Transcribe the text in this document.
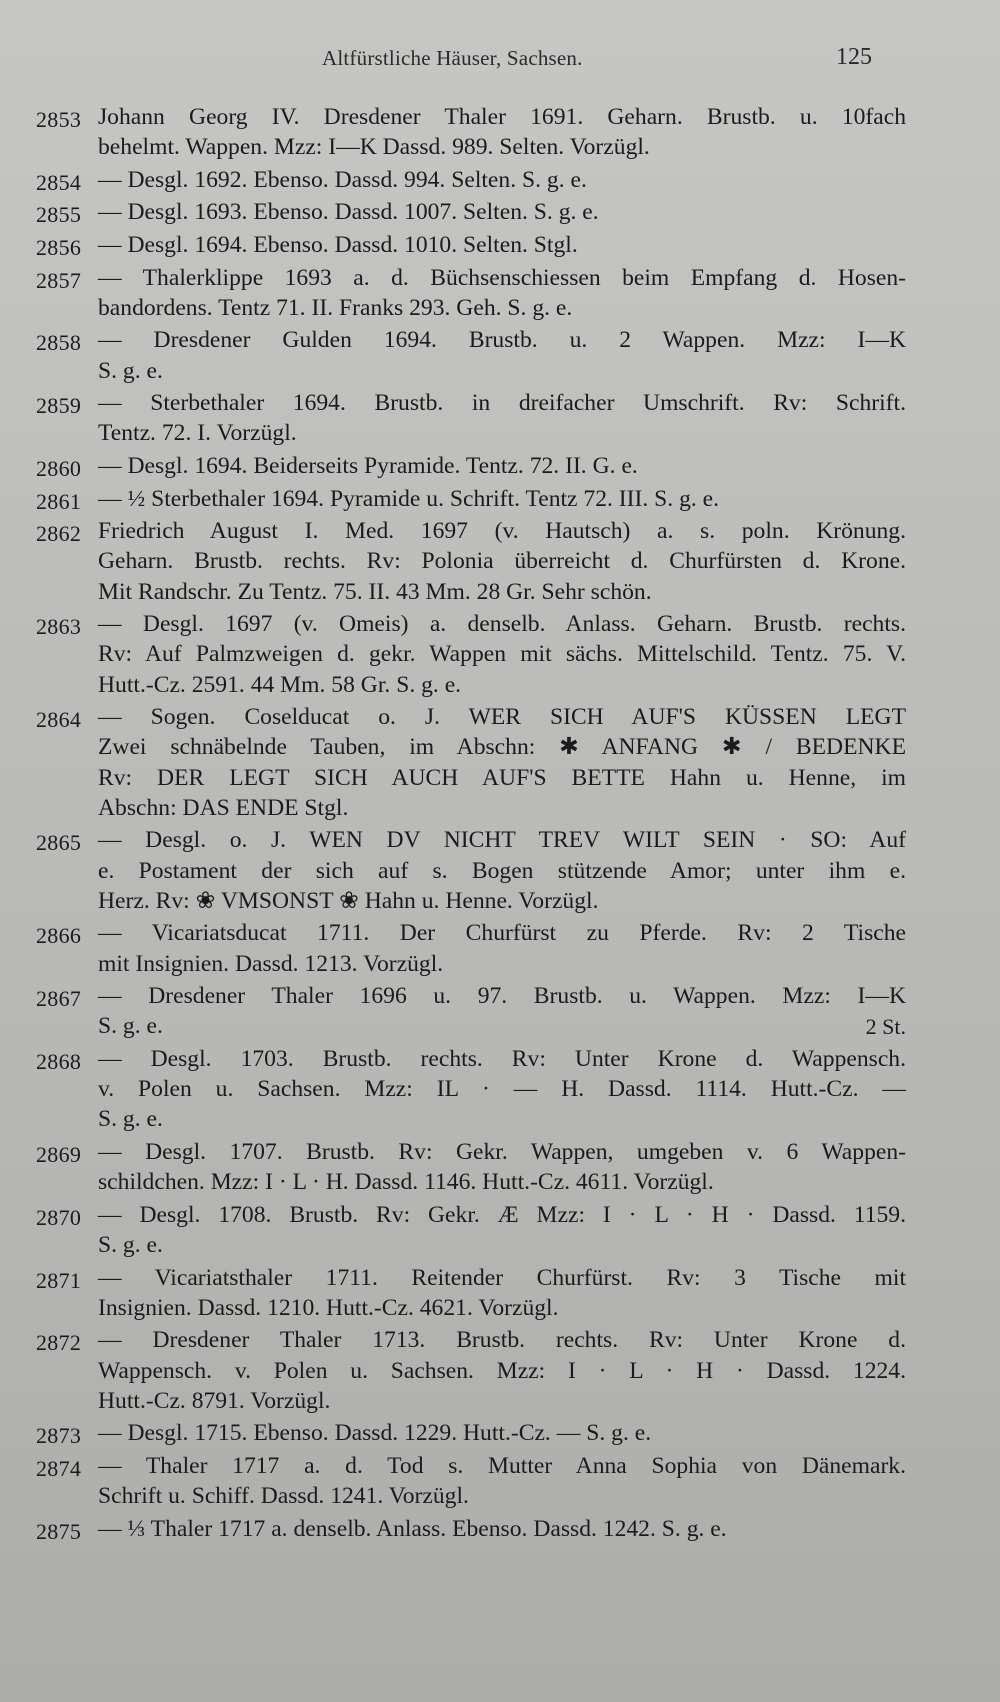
Altfürstliche Häuser, Sachsen.	125
2853 Johann Georg IV. Dresdener Thaler 1691. Geharn. Brustb. u. 10fach
behelmt. Wappen. Mzz: I—K Dassd. 989. Selten. Vorzügl.
2854 — Desgl. 1692. Ebenso. Dassd. 994. Selten. S. g. e.
2855 — Desgl. 1693. Ebenso. Dassd. 1007. Selten. S. g. e.
2856 — Desgl. 1694. Ebenso. Dassd. 1010. Selten. Stgl.
2857 — Thalerklippe 1693 a. d. Büchsenschiessen beim Empfang d. Hosen-
bandordens. Tentz 71. II. Franks 293. Geh. S. g. e.
2858 — Dresdener Gulden 1694. Brustb. u. 2 Wappen. Mzz: I—K
S. g. e.
2859 — Sterbethaler 1694. Brustb. in dreifacher Umschrift. Rv: Schrift.
Tentz. 72. I. Vorzügl.
2860 — Desgl. 1694. Beiderseits Pyramide. Tentz. 72. II. G. e.
2861 — ½ Sterbethaler 1694. Pyramide u. Schrift. Tentz 72. III. S. g. e.
2862 Friedrich August I. Med. 1697 (v. Hautsch) a. s. poln. Krönung.
Geharn. Brustb. rechts. Rv: Polonia überreicht d. Churfürsten d. Krone.
Mit Randschr. Zu Tentz. 75. II. 43 Mm. 28 Gr. Sehr schön.
2863 — Desgl. 1697 (v. Omeis) a. denselb. Anlass. Geharn. Brustb. rechts.
Rv: Auf Palmzweigen d. gekr. Wappen mit sächs. Mittelschild. Tentz. 75. V.
Hutt.-Cz. 2591. 44 Mm. 58 Gr. S. g. e.
2864 — Sogen. Coselducat o. J. WER SICH AUF'S KÜSSEN LEGT
Zwei schnäbelnde Tauben, im Abschn: ✱ ANFANG ✱ / BEDENKE
Rv: DER LEGT SICH AUCH AUF'S BETTE Hahn u. Henne, im
Abschn: DAS ENDE Stgl.
2865 — Desgl. o. J. WEN DV NICHT TREV WILT SEIN · SO: Auf
e. Postament der sich auf s. Bogen stützende Amor; unter ihm e.
Herz. Rv: ❀ VMSONST ❀ Hahn u. Henne. Vorzügl.
2866 — Vicariatsducat 1711. Der Churfürst zu Pferde. Rv: 2 Tische
mit Insignien. Dassd. 1213. Vorzügl.
2867 — Dresdener Thaler 1696 u. 97. Brustb. u. Wappen. Mzz: I—K
S. g. e.	2 St.
2868 — Desgl. 1703. Brustb. rechts. Rv: Unter Krone d. Wappensch.
v. Polen u. Sachsen. Mzz: IL · — H. Dassd. 1114. Hutt.-Cz. —
S. g. e.
2869 — Desgl. 1707. Brustb. Rv: Gekr. Wappen, umgeben v. 6 Wappen-
schildchen. Mzz: I · L · H. Dassd. 1146. Hutt.-Cz. 4611. Vorzügl.
2870 — Desgl. 1708. Brustb. Rv: Gekr. Æ Mzz: I · L · H · Dassd. 1159.
S. g. e.
2871 — Vicariatsthaler 1711. Reitender Churfürst. Rv: 3 Tische mit
Insignien. Dassd. 1210. Hutt.-Cz. 4621. Vorzügl.
2872 — Dresdener Thaler 1713. Brustb. rechts. Rv: Unter Krone d.
Wappensch. v. Polen u. Sachsen. Mzz: I · L · H · Dassd. 1224.
Hutt.-Cz. 8791. Vorzügl.
2873 — Desgl. 1715. Ebenso. Dassd. 1229. Hutt.-Cz. — S. g. e.
2874 — Thaler 1717 a. d. Tod s. Mutter Anna Sophia von Dänemark.
Schrift u. Schiff. Dassd. 1241. Vorzügl.
2875 — ⅓ Thaler 1717 a. denselb. Anlass. Ebenso. Dassd. 1242. S. g. e.
